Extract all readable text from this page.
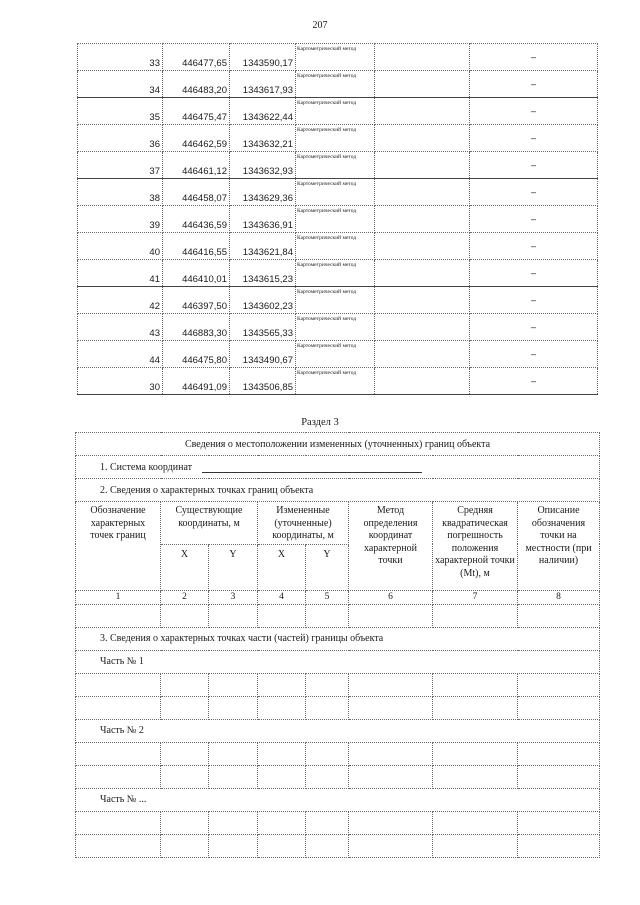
207
33	446477,65	1343590,17	Картометрический метод		–
34	446483,20	1343617,93	Картометрический метод		–
35	446475,47	1343622,44	Картометрический метод		–
36	446462,59	1343632,21	Картометрический метод		–
37	446461,12	1343632,93	Картометрический метод		–
38	446458,07	1343629,36	Картометрический метод		–
39	446436,59	1343636,91	Картометрический метод		–
40	446416,55	1343621,84	Картометрический метод		–
41	446410,01	1343615,23	Картометрический метод		–
42	446397,50	1343602,23	Картометрический метод		–
43	446883,30	1343565,33	Картометрический метод		–
44	446475,80	1343490,67	Картометрический метод		–
30	446491,09	1343506,85	Картометрический метод		–
Раздел 3
Сведения о местоположении измененных (уточненных) границ объекта							
1. Система координат							
2. Сведения о характерных точках границ объекта							
Обозначение характерных точек границ	Существующие координаты, м		Измененные (уточненные) координаты, м		Метод определения координат характерной точки	Средняя квадратическая погрешность положения характерной точки (Mt), м	Описание обозначения точки на местности (при наличии)
	X	Y	X	Y			
1	2	3	4	5	6	7	8

3. Сведения о характерных точках части (частей) границы объекта							
Часть № 1							

Часть № 2							

Часть № ...							
